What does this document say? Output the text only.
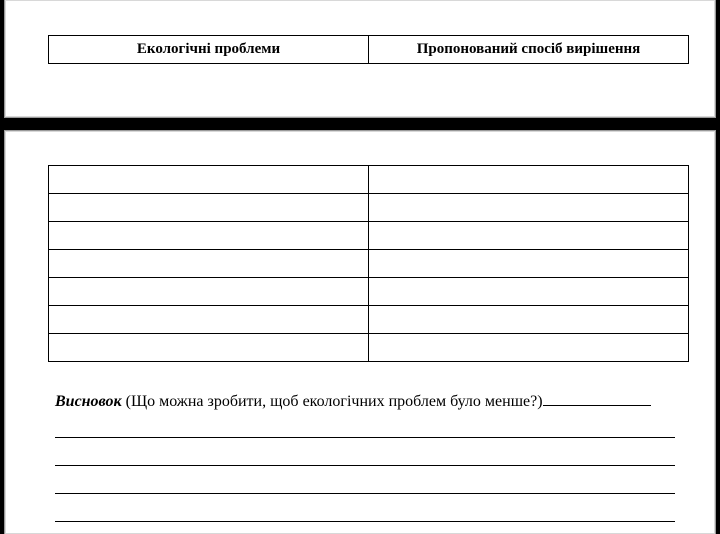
Екологічні проблеми	Пропонований спосіб вирішення

Висновок (Що можна зробити, щоб екологічних проблем було менше?)
